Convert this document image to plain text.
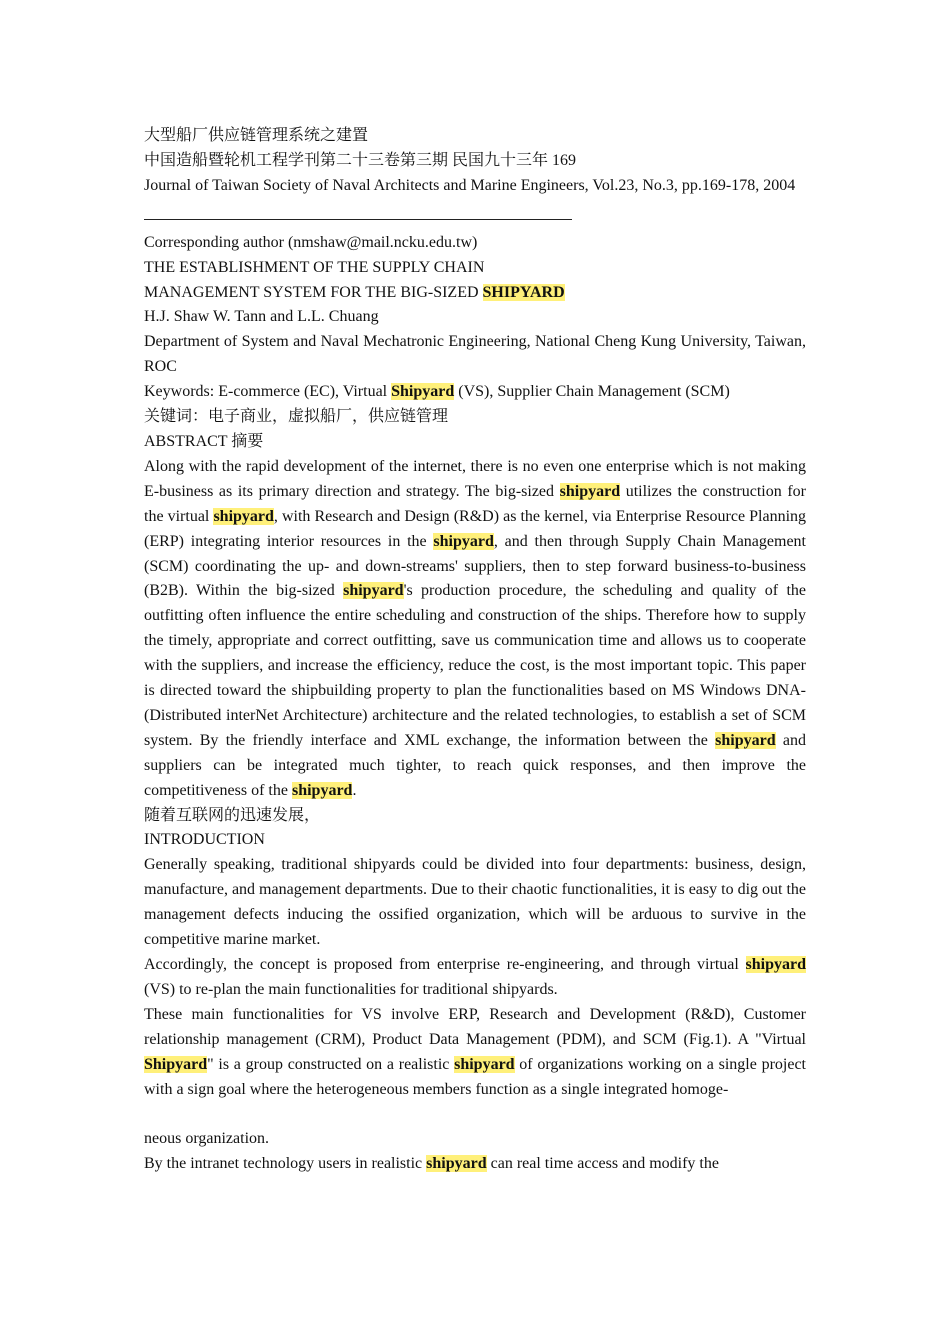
大型船厂供应链管理系统之建置
中国造船暨轮机工程学刊第二十三卷第三期 民国九十三年 169
Journal of Taiwan Society of Naval Architects and Marine Engineers, Vol.23, No.3, pp.169-178, 2004
Corresponding author (nmshaw@mail.ncku.edu.tw)
THE ESTABLISHMENT OF THE SUPPLY CHAIN
MANAGEMENT SYSTEM FOR THE BIG-SIZED SHIPYARD
H.J. Shaw W. Tann and L.L. Chuang
Department of System and Naval Mechatronic Engineering, National Cheng Kung University, Taiwan, ROC
Keywords: E-commerce (EC), Virtual Shipyard (VS), Supplier Chain Management (SCM)
关键词：电子商业，虚拟船厂，供应链管理
ABSTRACT 摘要
Along with the rapid development of the internet, there is no even one enterprise which is not making E-business as its primary direction and strategy. The big-sized shipyard utilizes the construction for the virtual shipyard, with Research and Design (R&D) as the kernel, via Enterprise Resource Planning (ERP) integrating interior resources in the shipyard, and then through Supply Chain Management (SCM) coordinating the up- and down-streams' suppliers, then to step forward business-to-business (B2B). Within the big-sized shipyard's production procedure, the scheduling and quality of the outfitting often influence the entire scheduling and construction of the ships. Therefore how to supply the timely, appropriate and correct outfitting, save us communication time and allows us to cooperate with the suppliers, and increase the efficiency, reduce the cost, is the most important topic. This paper is directed toward the shipbuilding property to plan the functionalities based on MS Windows DNA-(Distributed interNet Architecture) architecture and the related technologies, to establish a set of SCM system. By the friendly interface and XML exchange, the information between the shipyard and suppliers can be integrated much tighter, to reach quick responses, and then improve the competitiveness of the shipyard.
随着互联网的迅速发展，
INTRODUCTION
Generally speaking, traditional shipyards could be divided into four departments: business, design, manufacture, and management departments. Due to their chaotic functionalities, it is easy to dig out the management defects inducing the ossified organization, which will be arduous to survive in the competitive marine market.
Accordingly, the concept is proposed from enterprise re-engineering, and through virtual shipyard (VS) to re-plan the main functionalities for traditional shipyards.
These main functionalities for VS involve ERP, Research and Development (R&D), Customer relationship management (CRM), Product Data Management (PDM), and SCM (Fig.1). A "Virtual Shipyard" is a group constructed on a realistic shipyard of organizations working on a single project with a sign goal where the heterogeneous members function as a single integrated homoge-
neous organization.
By the intranet technology users in realistic shipyard can real time access and modify the
